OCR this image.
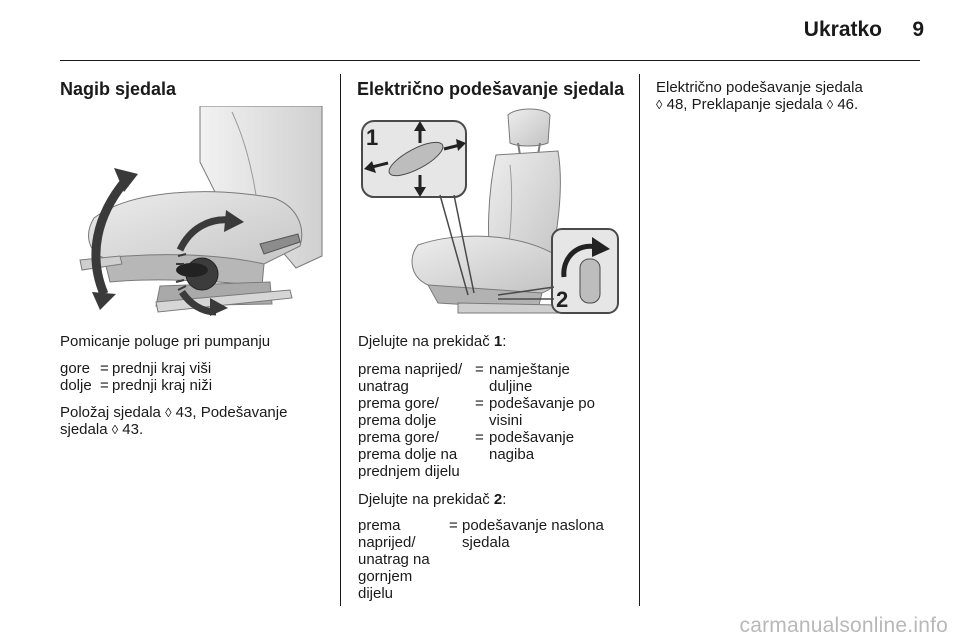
Ukratko 9
Nagib sjedala
Pomicanje poluge pri pumpanju
gore = prednji kraj viši
dolje = prednji kraj niži
Položaj sjedala ◊ 43, Podešavanje
sjedala ◊ 43.
Električno podešavanje sjedala
1
2
Djelujte na prekidač 1:
prema naprijed/
unatrag
= namještanje
duljine
prema gore/
prema dolje
= podešavanje po
visini
prema gore/
prema dolje na
prednjem dijelu
= podešavanje
nagiba
Djelujte na prekidač 2:
prema
naprijed/
unatrag na
gornjem
dijelu
= podešavanje naslona
sjedala
Električno podešavanje sjedala
◊ 48, Preklapanje sjedala ◊ 46.
carmanualsonline.info
